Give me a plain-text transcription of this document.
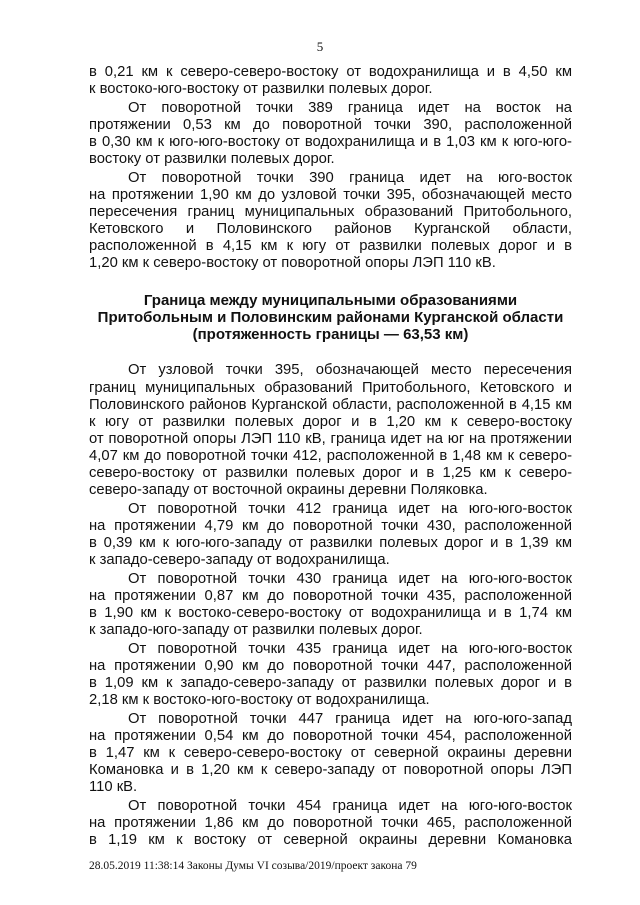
5

в 0,21 км к северо-северо-востоку от водохранилища и в 4,50 км

к востоко-юго-востоку от развилки полевых дорог.

От поворотной точки 389 граница идет на восток на

протяжении 0,53 км до поворотной точки 390, расположенной

в 0,30 км к юго-юго-востоку от водохранилища и в 1,03 км к юго-юго-

востоку от развилки полевых дорог.

От поворотной точки 390 граница идет на юго-восток

на протяжении 1,90 км до узловой точки 395, обозначающей место

пересечения границ муниципальных образований Притобольного,

Кетовского и Половинского районов Курганской области,

расположенной в 4,15 км к югу от развилки полевых дорог и в

1,20 км к северо-востоку от поворотной опоры ЛЭП 110 кВ.

Граница между муниципальными образованиями

Притобольным и Половинским районами Курганской области

(протяженность границы — 63,53 км)

От узловой точки 395, обозначающей место пересечения

границ муниципальных образований Притобольного, Кетовского и

Половинского районов Курганской области, расположенной в 4,15 км

к югу от развилки полевых дорог и в 1,20 км к северо-востоку

от поворотной опоры ЛЭП 110 кВ, граница идет на юг на протяжении

4,07 км до поворотной точки 412, расположенной в 1,48 км к северо-

северо-востоку от развилки полевых дорог и в 1,25 км к северо-

северо-западу от восточной окраины деревни Поляковка.

От поворотной точки 412 граница идет на юго-юго-восток

на протяжении 4,79 км до поворотной точки 430, расположенной

в 0,39 км к юго-юго-западу от развилки полевых дорог и в 1,39 км

к западо-северо-западу от водохранилища.

От поворотной точки 430 граница идет на юго-юго-восток

на протяжении 0,87 км до поворотной точки 435, расположенной

в 1,90 км к востоко-северо-востоку от водохранилища и в 1,74 км

к западо-юго-западу от развилки полевых дорог.

От поворотной точки 435 граница идет на юго-юго-восток

на протяжении 0,90 км до поворотной точки 447, расположенной

в 1,09 км к западо-северо-западу от развилки полевых дорог и в

2,18 км к востоко-юго-востоку от водохранилища.

От поворотной точки 447 граница идет на юго-юго-запад

на протяжении 0,54 км до поворотной точки 454, расположенной

в 1,47 км к северо-северо-востоку от северной окраины деревни

Комановка и в 1,20 км к северо-западу от поворотной опоры ЛЭП

110 кВ.

От поворотной точки 454 граница идет на юго-юго-восток

на протяжении 1,86 км до поворотной точки 465, расположенной

в 1,19 км к востоку от северной окраины деревни Комановка

28.05.2019 11:38:14 Законы Думы VI созыва/2019/проект закона 79
